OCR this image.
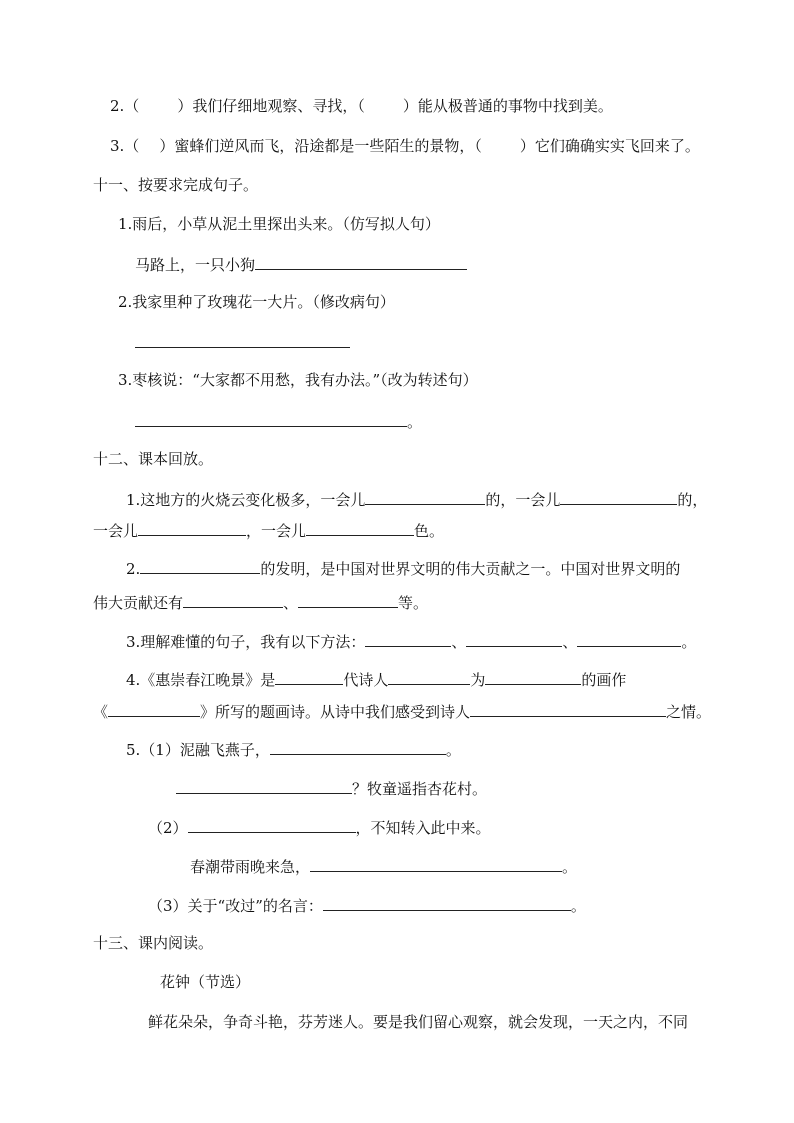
2.（	）我们仔细地观察、寻找，（	）能从极普通的事物中找到美。
3.（ ）蜜蜂们逆风而飞，沿途都是一些陌生的景物，（	）它们确确实实飞回来了。
十一、按要求完成句子。
1.雨后，小草从泥土里探出头来。（仿写拟人句）
马路上，一只小狗
2.我家里种了玫瑰花一大片。（修改病句）
3.枣核说：“大家都不用愁，我有办法。”（改为转述句）
。
十二、课本回放。
1.这地方的火烧云变化极多，一会儿	的，一会儿	的，
一会儿	，一会儿	色。
2.	的发明，是中国对世界文明的伟大贡献之一。中国对世界文明的
伟大贡献还有	、	等。
3.理解难懂的句子，我有以下方法：	、	、	。
4.《惠崇春江晚景》是	代诗人	为	的画作
《	》所写的题画诗。从诗中我们感受到诗人	之情。
5.（1）泥融飞燕子，	。
？牧童遥指杏花村。
（2）	，不知转入此中来。
春潮带雨晚来急，	。
（3）关于“改过”的名言：	。
十三、课内阅读。
花钟（节选）
鲜花朵朵，争奇斗艳，芬芳迷人。要是我们留心观察，就会发现，一天之内，不同
